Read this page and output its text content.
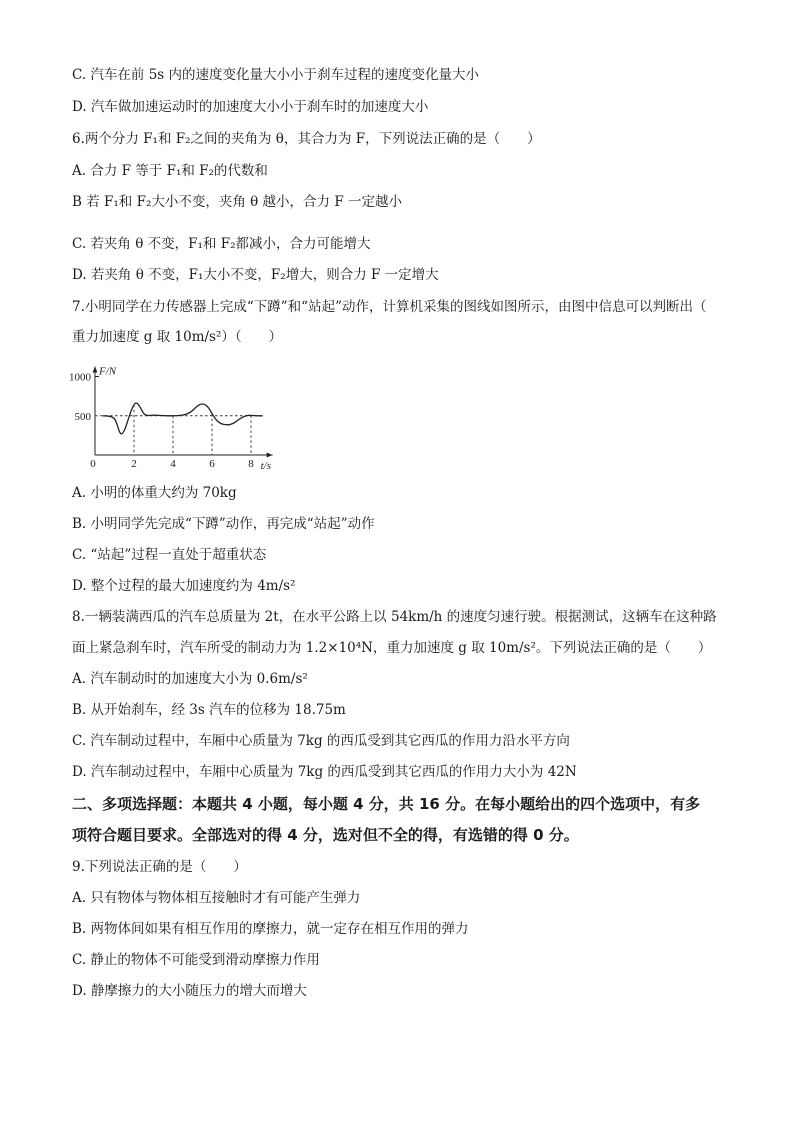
C. 汽车在前 5s 内的速度变化量大小小于刹车过程的速度变化量大小
D. 汽车做加速运动时的加速度大小小于刹车时的加速度大小
6.两个分力 F₁和 F₂之间的夹角为 θ，其合力为 F，下列说法正确的是（　　）
A. 合力 F 等于 F₁和 F₂的代数和
B 若 F₁和 F₂大小不变，夹角 θ 越小，合力 F 一定越小
C. 若夹角 θ 不变，F₁和 F₂都减小，合力可能增大
D. 若夹角 θ 不变，F₁大小不变，F₂增大，则合力 F 一定增大
7.小明同学在力传感器上完成“下蹲”和“站起”动作，计算机采集的图线如图所示，由图中信息可以判断出（
重力加速度 g 取 10m/s²）（　　）
500
1000
0	2	4	6	8
F/N
t/s
A. 小明的体重大约为 70kg
B. 小明同学先完成“下蹲”动作，再完成“站起”动作
C. “站起”过程一直处于超重状态
D. 整个过程的最大加速度约为 4m/s²
8.一辆装满西瓜的汽车总质量为 2t，在水平公路上以 54km/h 的速度匀速行驶。根据测试，这辆车在这种路
面上紧急刹车时，汽车所受的制动力为 1.2×10⁴N，重力加速度 g 取 10m/s²。下列说法正确的是（　　）
A. 汽车制动时的加速度大小为 0.6m/s²
B. 从开始刹车，经 3s 汽车的位移为 18.75m
C. 汽车制动过程中，车厢中心质量为 7kg 的西瓜受到其它西瓜的作用力沿水平方向
D. 汽车制动过程中，车厢中心质量为 7kg 的西瓜受到其它西瓜的作用力大小为 42N
二、多项选择题：本题共 4 小题，每小题 4 分，共 16 分。在每小题给出的四个选项中，有多
项符合题目要求。全部选对的得 4 分，选对但不全的得，有选错的得 0 分。
9.下列说法正确的是（　　）
A. 只有物体与物体相互接触时才有可能产生弹力
B. 两物体间如果有相互作用的摩擦力，就一定存在相互作用的弹力
C. 静止的物体不可能受到滑动摩擦力作用
D. 静摩擦力的大小随压力的增大而增大
